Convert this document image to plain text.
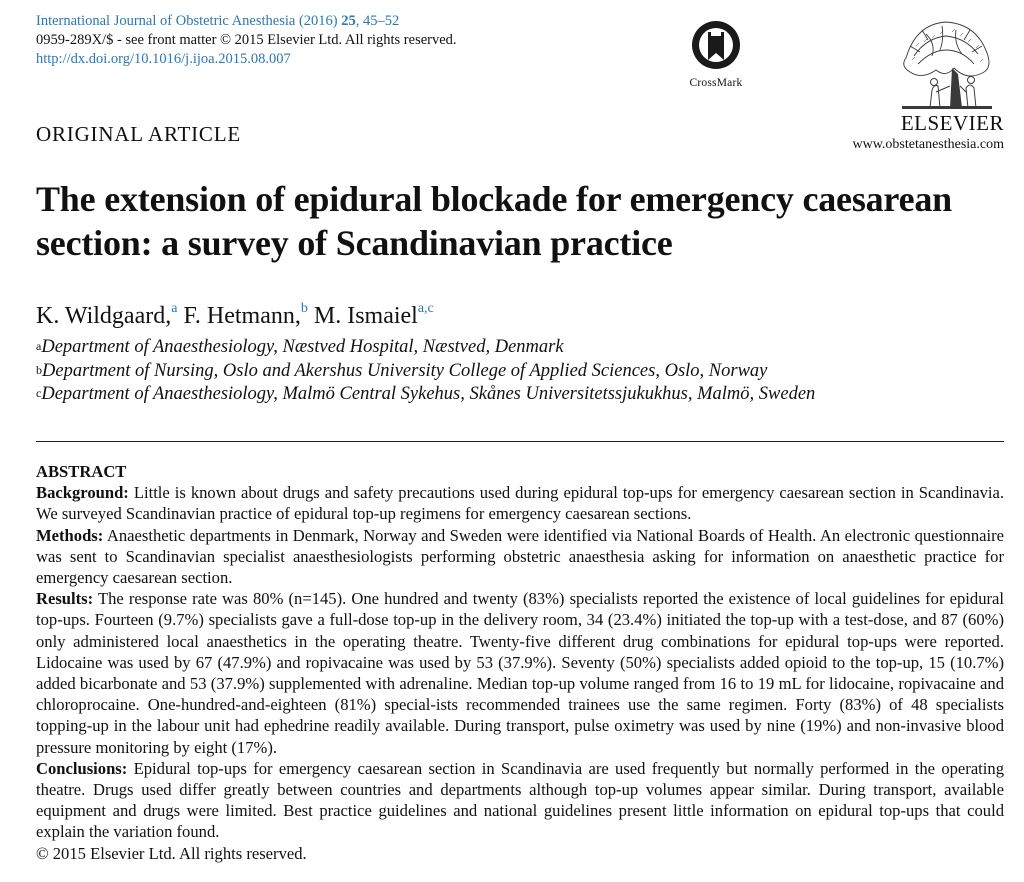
International Journal of Obstetric Anesthesia (2016) 25, 45–52
0959-289X/$ - see front matter © 2015 Elsevier Ltd. All rights reserved.
http://dx.doi.org/10.1016/j.ijoa.2015.08.007
CrossMark
ELSEVIER
www.obstetanesthesia.com
ORIGINAL ARTICLE
The extension of epidural blockade for emergency caesarean section: a survey of Scandinavian practice
K. Wildgaard,$^a$ F. Hetmann,$^b$ M. Ismaiel$^{a,c}$
$^a$Department of Anaesthesiology, Næstved Hospital, Næstved, Denmark
$^b$Department of Nursing, Oslo and Akershus University College of Applied Sciences, Oslo, Norway
$^c$Department of Anaesthesiology, Malmö Central Sykehus, Skånes Universitetssjukukhus, Malmö, Sweden
ABSTRACT

Background: Little is known about drugs and safety precautions used during epidural top-ups for emergency caesarean section in Scandinavia. We surveyed Scandinavian practice of epidural top-up regimens for emergency caesarean sections.

Methods: Anaesthetic departments in Denmark, Norway and Sweden were identified via National Boards of Health. An electronic questionnaire was sent to Scandinavian specialist anaesthesiologists performing obstetric anaesthesia asking for information on anaesthetic practice for emergency caesarean section.

Results: The response rate was 80% (n=145). One hundred and twenty (83%) specialists reported the existence of local guidelines for epidural top-ups. Fourteen (9.7%) specialists gave a full-dose top-up in the delivery room, 34 (23.4%) initiated the top-up with a test-dose, and 87 (60%) only administered local anaesthetics in the operating theatre. Twenty-five different drug combinations for epidural top-ups were reported. Lidocaine was used by 67 (47.9%) and ropivacaine was used by 53 (37.9%). Seventy (50%) specialists added opioid to the top-up, 15 (10.7%) added bicarbonate and 53 (37.9%) supplemented with adrenaline. Median top-up volume ranged from 16 to 19 mL for lidocaine, ropivacaine and chloroprocaine. One-hundred-and-eighteen (81%) special-ists recommended trainees use the same regimen. Forty (83%) of 48 specialists topping-up in the labour unit had ephedrine readily available. During transport, pulse oximetry was used by nine (19%) and non-invasive blood pressure monitoring by eight (17%).

Conclusions: Epidural top-ups for emergency caesarean section in Scandinavia are used frequently but normally performed in the operating theatre. Drugs used differ greatly between countries and departments although top-up volumes appear similar. During transport, available equipment and drugs were limited. Best practice guidelines and national guidelines present little information on epidural top-ups that could explain the variation found.

© 2015 Elsevier Ltd. All rights reserved.
